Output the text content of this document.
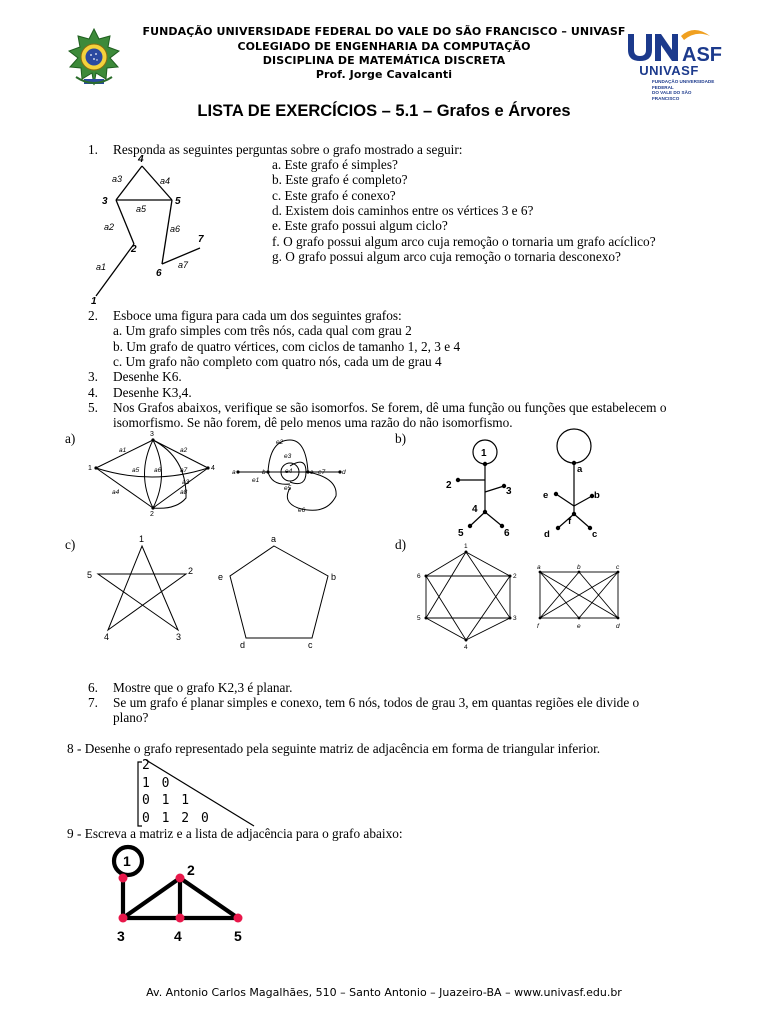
FUNDAÇÃO UNIVERSIDADE FEDERAL DO VALE DO SÃO FRANCISCO – UNIVASF
COLEGIADO DE ENGENHARIA DA COMPUTAÇÃO
DISCIPLINA DE MATEMÁTICA DISCRETA
Prof. Jorge Cavalcanti
ASF
UNIVASF
FUNDAÇÃO UNIVERSIDADE FEDERAL
DO VALE DO SÃO FRANCISCO
LISTA DE EXERCÍCIOS – 5.1 – Grafos e Árvores
1. Responda as seguintes perguntas sobre o grafo mostrado a seguir:
a. Este grafo é simples?
b. Este grafo é completo?
c. Este grafo é conexo?
d. Existem dois caminhos entre os vértices 3 e 6?
e. Este grafo possui algum ciclo?
f. O grafo possui algum arco cuja remoção o tornaria um grafo acíclico?
g. O grafo possui algum arco cuja remoção o tornaria desconexo?
4
3	5
2
7
6
1
a3	a4
a5
a2	a6
a7
a1
2. Esboce uma figura para cada um dos seguintes grafos:
a. Um grafo simples com três nós, cada qual com grau 2
b. Um grafo de quatro vértices, com ciclos de tamanho 1, 2, 3 e 4
c. Um grafo não completo com quatro nós, cada um de grau 4
3. Desenhe K6.
4. Desenhe K3,4.
5. Nos Grafos abaixos, verifique se são isomorfos. Se forem, dê uma função ou funções que estabelecem o
isomorfismo. Se não forem, dê pelo menos uma razão do não isomorfismo.
a)	b)
c)	d)
3
1	4
2
a1	a2
a5 a6	a7
a8
a4
a3
a	b	c	d
e2
e3
e4
e1
e5
e7
e6
1
2
3
4
5	6
a
e	b
f
d	c
1
2
3
4
5
a
b
c
d
e
1
2
3
4
5
6
a	b	c
f	e	d
6. Mostre que o grafo K2,3 é planar.
7. Se um grafo é planar simples e conexo, tem 6 nós, todos de grau 3, em quantas regiões ele divide o
plano?
8 - Desenhe o grafo representado pela seguinte matriz de adjacência em forma de triangular inferior.
2
1 0
0 1 1
0 1 2 0
9 - Escreva a matriz e a lista de adjacência para o grafo abaixo:
1
2
3	4	5
Av. Antonio Carlos Magalhães, 510 – Santo Antonio – Juazeiro-BA – www.univasf.edu.br
